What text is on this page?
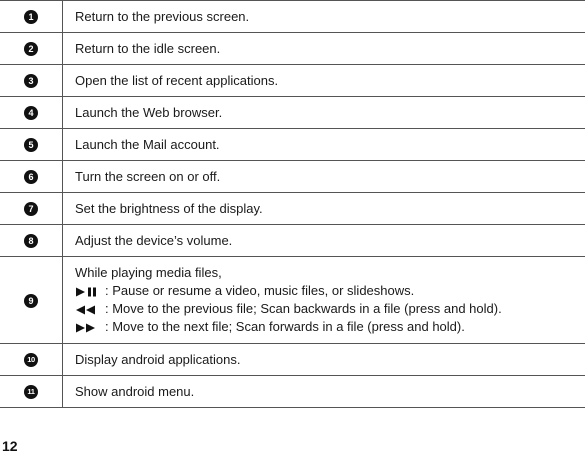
1	Return to the previous screen.
2	Return to the idle screen.
3	Open the list of recent applications.
4	Launch the Web browser.
5	Launch the Mail account.
6	Turn the screen on or off.
7	Set the brightness of the display.
8	Adjust the device’s volume.
9	While playing media files,
: Pause or resume a video, music files, or slideshows.
: Move to the previous file; Scan backwards in a file (press and hold).
: Move to the next file; Scan forwards in a file (press and hold).

10	Display android applications.
11	Show android menu.
12
